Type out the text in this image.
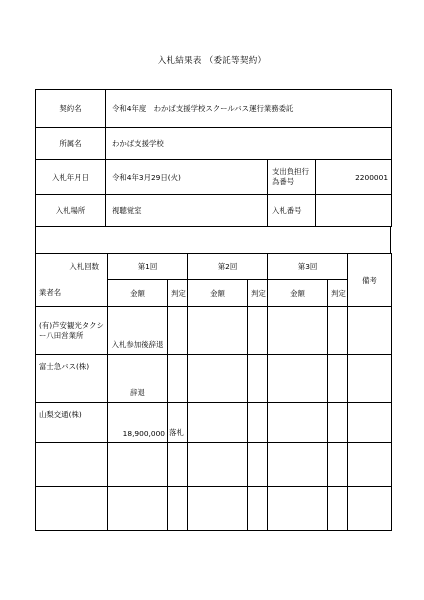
入札結果表 （委託等契約）
契約名	令和4年度　わかば支援学校スクールバス運行業務委託		
所属名	わかば支援学校		
入札年月日	令和4年3月29日(火)	支出負担行為番号	2200001
入札場所	視聴覚室	入札番号	
入札回数	第1回		第2回		第3回		備考
業者名	金額	判定	金額	判定	金額	判定	
(有)芦安観光タクシー八田営業所	入札参加後辞退						
富士急バス(株)	辞退						
山梨交通(株)	18,900,000	落札					
